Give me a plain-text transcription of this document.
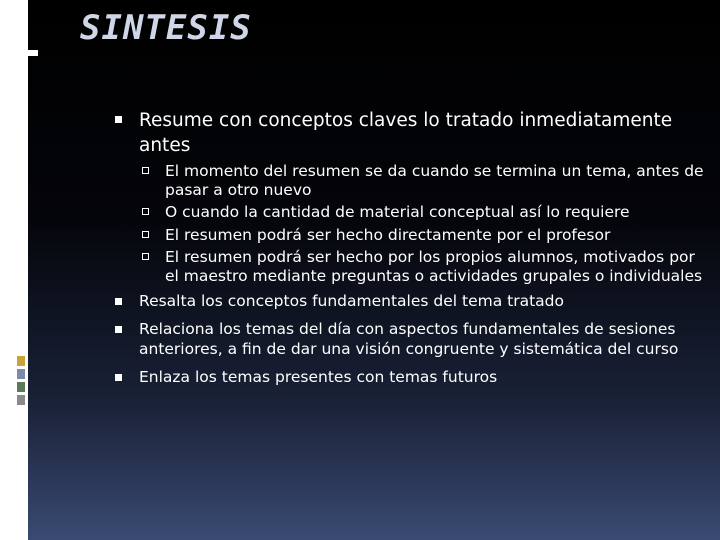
SINTESIS
Resume con conceptos claves lo tratado inmediatamente antes
El momento del resumen se da cuando se termina un tema, antes de pasar a otro nuevo
O cuando la cantidad de material conceptual así lo requiere
El resumen podrá ser hecho directamente por el profesor
El resumen podrá ser hecho por los propios alumnos, motivados por el maestro mediante preguntas o actividades grupales o individuales
Resalta los conceptos fundamentales del tema tratado
Relaciona los temas del día con aspectos fundamentales de sesiones anteriores, a fin de dar una visión congruente y sistemática del curso
Enlaza los temas presentes con temas futuros
